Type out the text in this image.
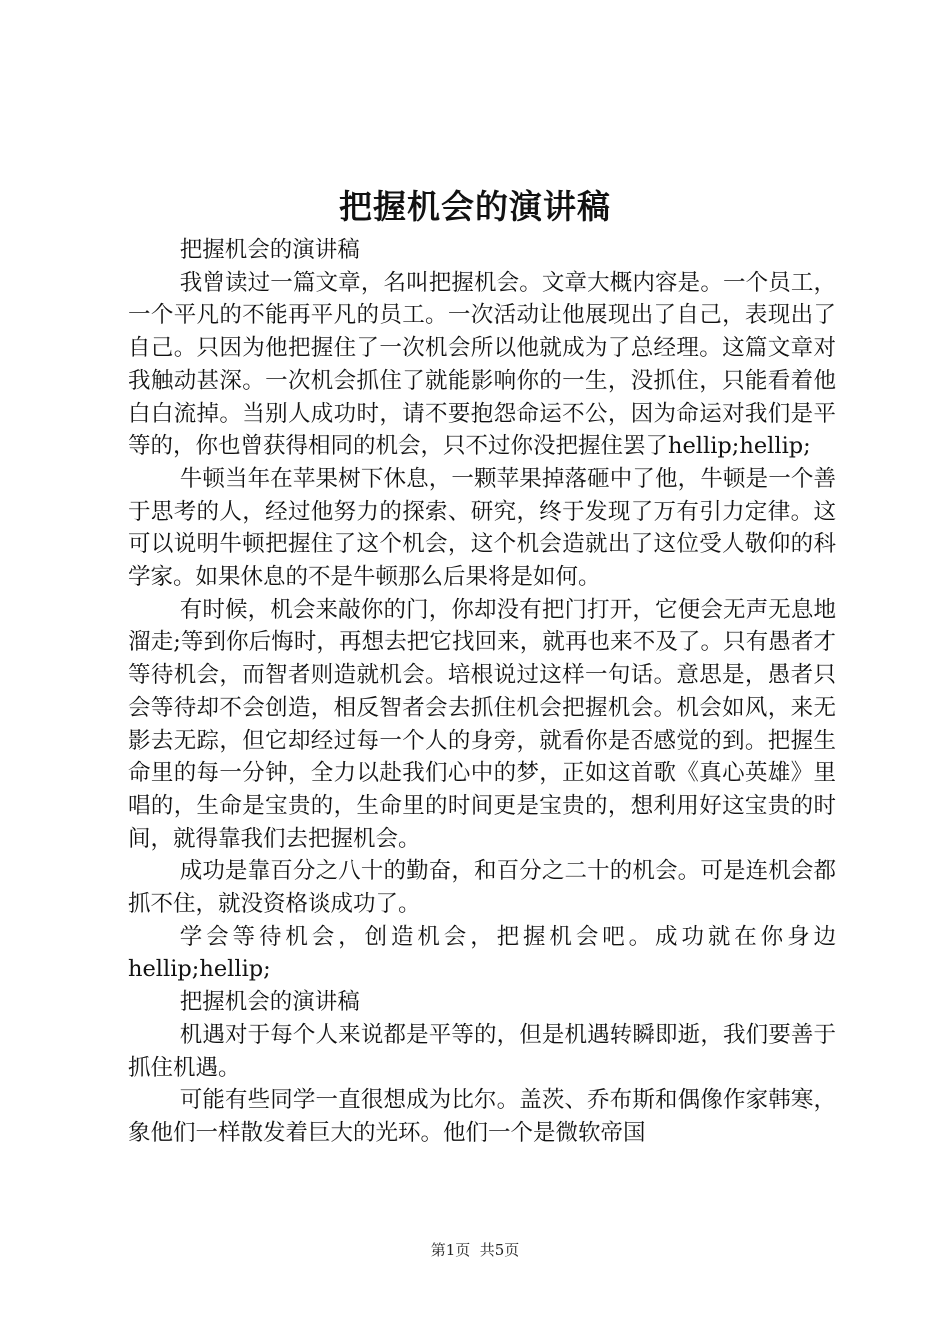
把握机会的演讲稿

把握机会的演讲稿

我曾读过一篇文章，名叫把握机会。文章大概内容是。一个员工，一个平凡的不能再平凡的员工。一次活动让他展现出了自己，表现出了自己。只因为他把握住了一次机会所以他就成为了总经理。这篇文章对我触动甚深。一次机会抓住了就能影响你的一生，没抓住，只能看着他白白流掉。当别人成功时，请不要抱怨命运不公，因为命运对我们是平等的，你也曾获得相同的机会，只不过你没把握住罢了hellip;hellip;

牛顿当年在苹果树下休息，一颗苹果掉落砸中了他，牛顿是一个善于思考的人，经过他努力的探索、研究，终于发现了万有引力定律。这可以说明牛顿把握住了这个机会，这个机会造就出了这位受人敬仰的科学家。如果休息的不是牛顿那么后果将是如何。

有时候，机会来敲你的门，你却没有把门打开，它便会无声无息地溜走;等到你后悔时，再想去把它找回来，就再也来不及了。只有愚者才等待机会，而智者则造就机会。培根说过这样一句话。意思是，愚者只会等待却不会创造，相反智者会去抓住机会把握机会。机会如风，来无影去无踪，但它却经过每一个人的身旁，就看你是否感觉的到。把握生命里的每一分钟，全力以赴我们心中的梦，正如这首歌《真心英雄》里唱的，生命是宝贵的，生命里的时间更是宝贵的，想利用好这宝贵的时间，就得靠我们去把握机会。

成功是靠百分之八十的勤奋，和百分之二十的机会。可是连机会都抓不住，就没资格谈成功了。

学会等待机会，创造机会，把握机会吧。成功就在你身边hellip;hellip;

把握机会的演讲稿

机遇对于每个人来说都是平等的，但是机遇转瞬即逝，我们要善于抓住机遇。

可能有些同学一直很想成为比尔。盖茨、乔布斯和偶像作家韩寒，象他们一样散发着巨大的光环。他们一个是微软帝国

第1页  共5页
